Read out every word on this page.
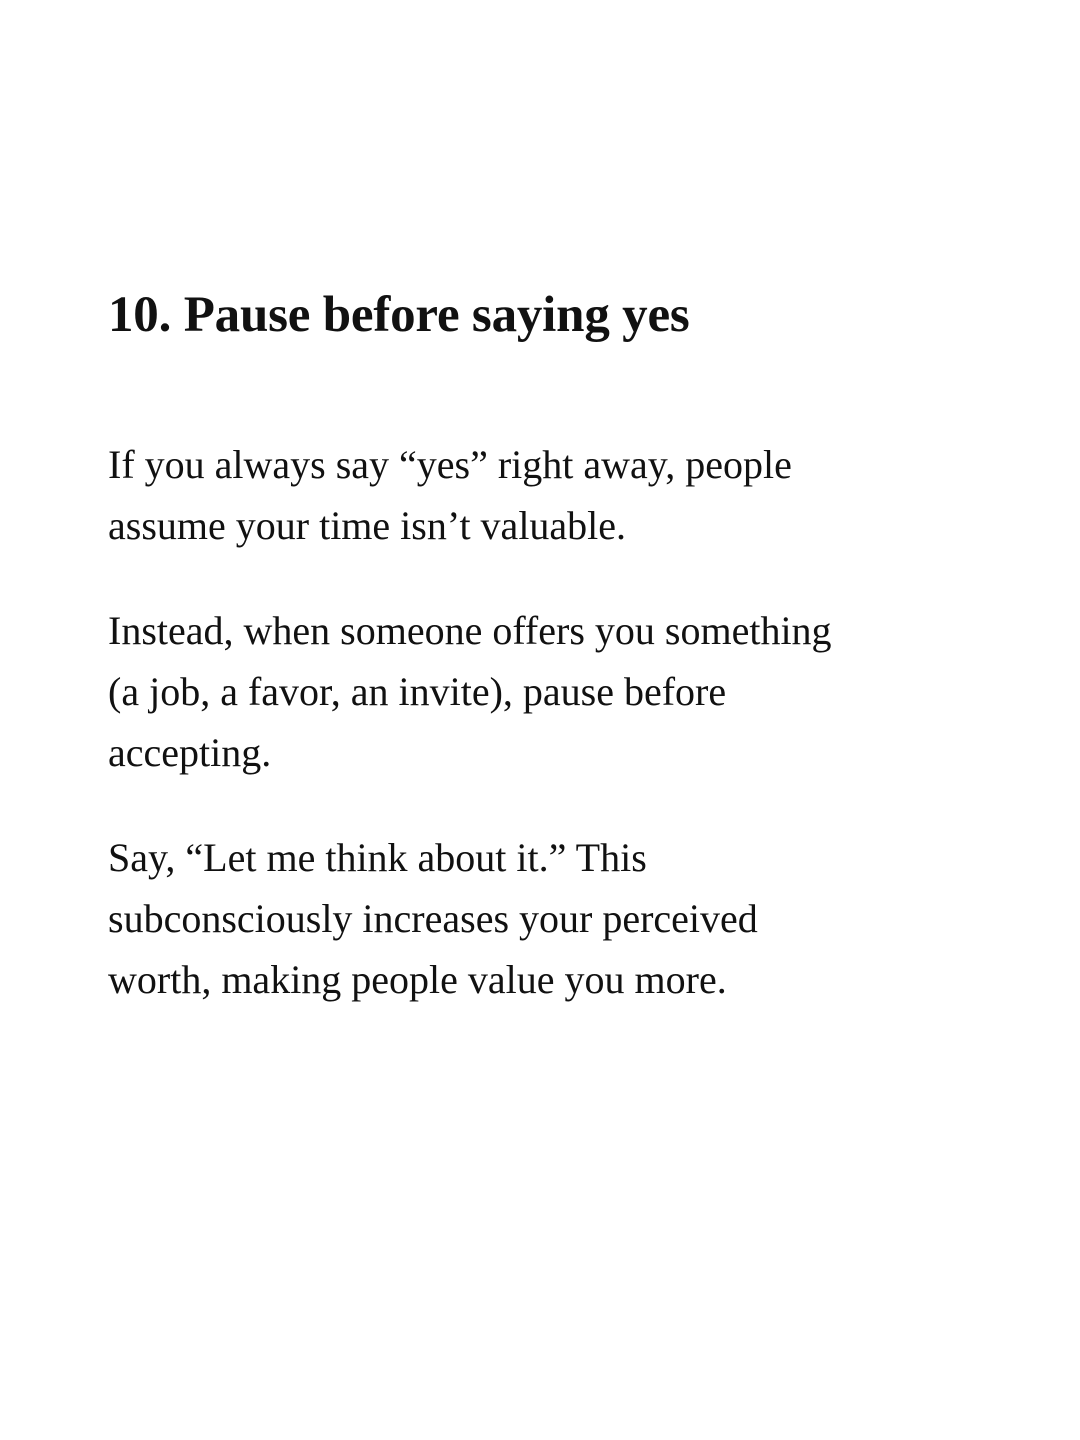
10. Pause before saying yes

If you always say “yes” right away, people
assume your time isn’t valuable.

Instead, when someone offers you something
(a job, a favor, an invite), pause before
accepting.

Say, “Let me think about it.” This
subconsciously increases your perceived
worth, making people value you more.
